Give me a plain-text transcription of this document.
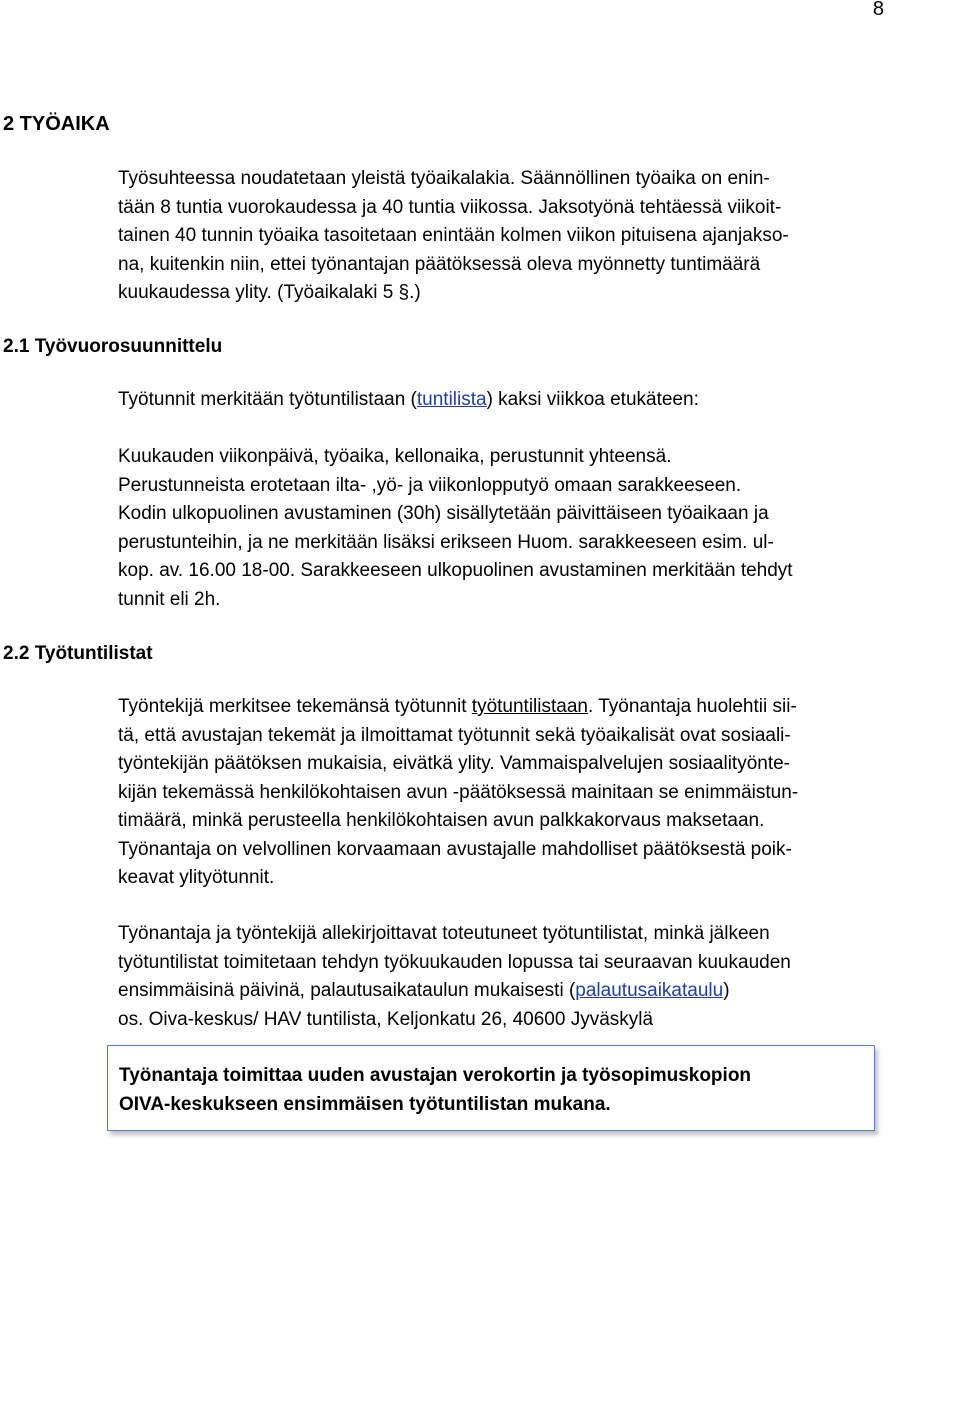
8
2 TYÖAIKA

Työsuhteessa noudatetaan yleistä työaikalakia. Säännöllinen työaika on enin-
tään 8 tuntia vuorokaudessa ja 40 tuntia viikossa. Jaksotyönä tehtäessä viikoit-
tainen 40 tunnin työaika tasoitetaan enintään kolmen viikon pituisena ajanjakso-
na, kuitenkin niin, ettei työnantajan päätöksessä oleva myönnetty tuntimäärä
kuukaudessa ylity. (Työaikalaki 5 §.)

2.1 Työvuorosuunnittelu

Työtunnit merkitään työtuntilistaan (tuntilista) kaksi viikkoa etukäteen:

Kuukauden viikonpäivä, työaika, kellonaika, perustunnit yhteensä.
Perustunneista erotetaan ilta- ,yö- ja viikonlopputyö omaan sarakkeeseen.
Kodin ulkopuolinen avustaminen (30h) sisällytetään päivittäiseen työaikaan ja
perustunteihin, ja ne merkitään lisäksi erikseen Huom. sarakkeeseen esim. ul-
kop. av. 16.00 18-00. Sarakkeeseen ulkopuolinen avustaminen merkitään tehdyt
tunnit eli 2h.

2.2 Työtuntilistat

Työntekijä merkitsee tekemänsä työtunnit työtuntilistaan. Työnantaja huolehtii sii-
tä, että avustajan tekemät ja ilmoittamat työtunnit sekä työaikalisät ovat sosiaali-
työntekijän päätöksen mukaisia, eivätkä ylity. Vammaispalvelujen sosiaalityönte-
kijän tekemässä henkilökohtaisen avun -päätöksessä mainitaan se enimmäistun-
timäärä, minkä perusteella henkilökohtaisen avun palkkakorvaus maksetaan.
Työnantaja on velvollinen korvaamaan avustajalle mahdolliset päätöksestä poik-
keavat ylityötunnit.

Työnantaja ja työntekijä allekirjoittavat toteutuneet työtuntilistat, minkä jälkeen
työtuntilistat toimitetaan tehdyn työkuukauden lopussa tai seuraavan kuukauden
ensimmäisinä päivinä, palautusaikataulun mukaisesti (palautusaikataulu)
os. Oiva-keskus/ HAV tuntilista, Keljonkatu 26, 40600 Jyväskylä

Työnantaja toimittaa uuden avustajan verokortin ja työsopimuskopion
OIVA-keskukseen ensimmäisen työtuntilistan mukana.
